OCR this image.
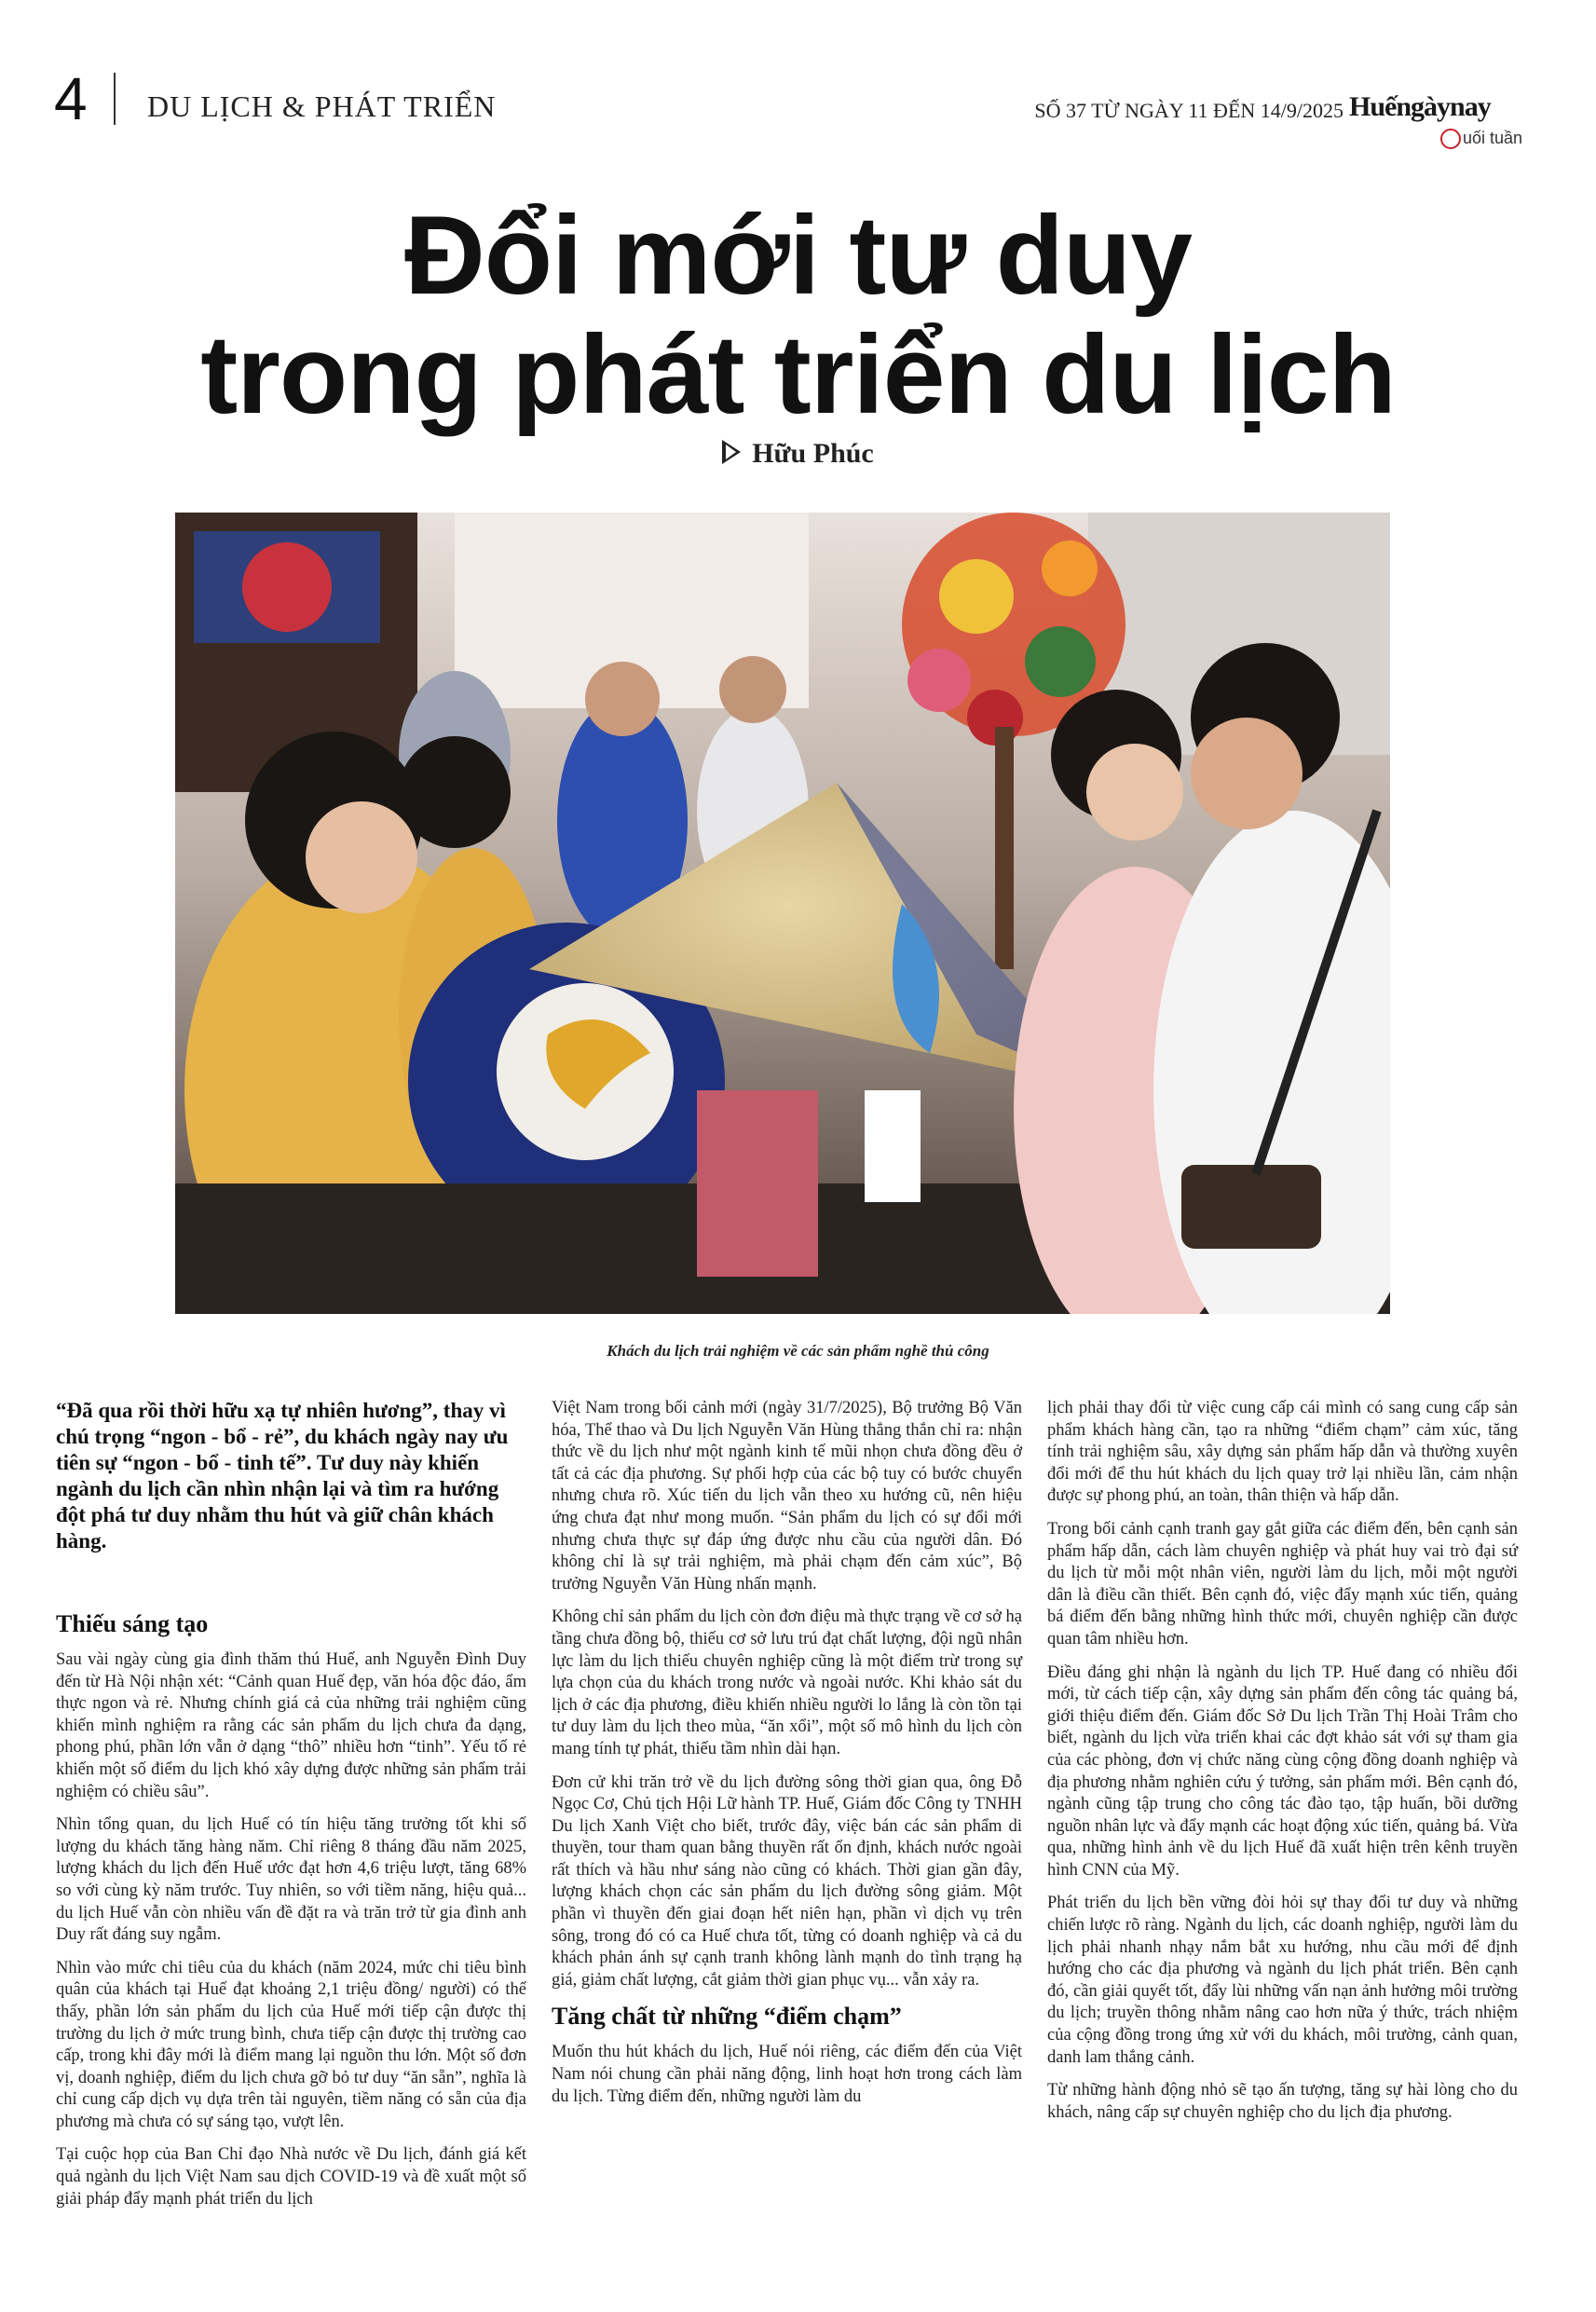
4 DU LỊCH & PHÁT TRIỂN	SỐ 37 TỪ NGÀY 11 ĐẾN 14/9/2025 Huếngàynay
uối tuần
Đổi mới tư duy
trong phát triển du lịch
Hữu Phúc
Khách du lịch trải nghiệm về các sản phẩm nghề thủ công
“Đã qua rồi thời hữu xạ tự nhiên hương”, thay vì chú trọng “ngon - bổ - rẻ”, du khách ngày nay ưu tiên sự “ngon - bổ - tinh tế”. Tư duy này khiến ngành du lịch cần nhìn nhận lại và tìm ra hướng đột phá tư duy nhằm thu hút và giữ chân khách hàng.
Thiếu sáng tạo

Sau vài ngày cùng gia đình thăm thú Huế, anh Nguyễn Đình Duy đến từ Hà Nội nhận xét: “Cảnh quan Huế đẹp, văn hóa độc đáo, ẩm thực ngon và rẻ. Nhưng chính giá cả của những trải nghiệm cũng khiến mình nghiệm ra rằng các sản phẩm du lịch chưa đa dạng, phong phú, phần lớn vẫn ở dạng “thô” nhiều hơn “tinh”. Yếu tố rẻ khiến một số điểm du lịch khó xây dựng được những sản phẩm trải nghiệm có chiều sâu”.

Nhìn tổng quan, du lịch Huế có tín hiệu tăng trưởng tốt khi số lượng du khách tăng hàng năm. Chỉ riêng 8 tháng đầu năm 2025, lượng khách du lịch đến Huế ước đạt hơn 4,6 triệu lượt, tăng 68% so với cùng kỳ năm trước. Tuy nhiên, so với tiềm năng, hiệu quả... du lịch Huế vẫn còn nhiều vấn đề đặt ra và trăn trở từ gia đình anh Duy rất đáng suy ngẫm.

Nhìn vào mức chi tiêu của du khách (năm 2024, mức chi tiêu bình quân của khách tại Huế đạt khoảng 2,1 triệu đồng/ người) có thể thấy, phần lớn sản phẩm du lịch của Huế mới tiếp cận được thị trường du lịch ở mức trung bình, chưa tiếp cận được thị trường cao cấp, trong khi đây mới là điểm mang lại nguồn thu lớn. Một số đơn vị, doanh nghiệp, điểm du lịch chưa gỡ bỏ tư duy “ăn sẵn”, nghĩa là chỉ cung cấp dịch vụ dựa trên tài nguyên, tiềm năng có sẵn của địa phương mà chưa có sự sáng tạo, vượt lên.

Tại cuộc họp của Ban Chỉ đạo Nhà nước về Du lịch, đánh giá kết quả ngành du lịch Việt Nam sau dịch COVID-19 và đề xuất một số giải pháp đẩy mạnh phát triển du lịch

Việt Nam trong bối cảnh mới (ngày 31/7/2025), Bộ trưởng Bộ Văn hóa, Thể thao và Du lịch Nguyễn Văn Hùng thẳng thắn chỉ ra: nhận thức về du lịch như một ngành kinh tế mũi nhọn chưa đồng đều ở tất cả các địa phương. Sự phối hợp của các bộ tuy có bước chuyển nhưng chưa rõ. Xúc tiến du lịch vẫn theo xu hướng cũ, nên hiệu ứng chưa đạt như mong muốn. “Sản phẩm du lịch có sự đổi mới nhưng chưa thực sự đáp ứng được nhu cầu của người dân. Đó không chỉ là sự trải nghiệm, mà phải chạm đến cảm xúc”, Bộ trưởng Nguyễn Văn Hùng nhấn mạnh.

Không chỉ sản phẩm du lịch còn đơn điệu mà thực trạng về cơ sở hạ tầng chưa đồng bộ, thiếu cơ sở lưu trú đạt chất lượng, đội ngũ nhân lực làm du lịch thiếu chuyên nghiệp cũng là một điểm trừ trong sự lựa chọn của du khách trong nước và ngoài nước. Khi khảo sát du lịch ở các địa phương, điều khiến nhiều người lo lắng là còn tồn tại tư duy làm du lịch theo mùa, “ăn xổi”, một số mô hình du lịch còn mang tính tự phát, thiếu tầm nhìn dài hạn.

Đơn cử khi trăn trở về du lịch đường sông thời gian qua, ông Đỗ Ngọc Cơ, Chủ tịch Hội Lữ hành TP. Huế, Giám đốc Công ty TNHH Du lịch Xanh Việt cho biết, trước đây, việc bán các sản phẩm di thuyền, tour tham quan bằng thuyền rất ổn định, khách nước ngoài rất thích và hầu như sáng nào cũng có khách. Thời gian gần đây, lượng khách chọn các sản phẩm du lịch đường sông giảm. Một phần vì thuyền đến giai đoạn hết niên hạn, phần vì dịch vụ trên sông, trong đó có ca Huế chưa tốt, từng có doanh nghiệp và cả du khách phản ánh sự cạnh tranh không lành mạnh do tình trạng hạ giá, giảm chất lượng, cắt giảm thời gian phục vụ... vẫn xảy ra.

Tăng chất từ những “điểm chạm”

Muốn thu hút khách du lịch, Huế nói riêng, các điểm đến của Việt Nam nói chung cần phải năng động, linh hoạt hơn trong cách làm du lịch. Từng điểm đến, những người làm du

lịch phải thay đổi từ việc cung cấp cái mình có sang cung cấp sản phẩm khách hàng cần, tạo ra những “điểm chạm” cảm xúc, tăng tính trải nghiệm sâu, xây dựng sản phẩm hấp dẫn và thường xuyên đổi mới để thu hút khách du lịch quay trở lại nhiều lần, cảm nhận được sự phong phú, an toàn, thân thiện và hấp dẫn.

Trong bối cảnh cạnh tranh gay gắt giữa các điểm đến, bên cạnh sản phẩm hấp dẫn, cách làm chuyên nghiệp và phát huy vai trò đại sứ du lịch từ mỗi một nhân viên, người làm du lịch, mỗi một người dân là điều cần thiết. Bên cạnh đó, việc đẩy mạnh xúc tiến, quảng bá điểm đến bằng những hình thức mới, chuyên nghiệp cần được quan tâm nhiều hơn.

Điều đáng ghi nhận là ngành du lịch TP. Huế đang có nhiều đổi mới, từ cách tiếp cận, xây dựng sản phẩm đến công tác quảng bá, giới thiệu điểm đến. Giám đốc Sở Du lịch Trần Thị Hoài Trâm cho biết, ngành du lịch vừa triển khai các đợt khảo sát với sự tham gia của các phòng, đơn vị chức năng cùng cộng đồng doanh nghiệp và địa phương nhằm nghiên cứu ý tưởng, sản phẩm mới. Bên cạnh đó, ngành cũng tập trung cho công tác đào tạo, tập huấn, bồi dưỡng nguồn nhân lực và đẩy mạnh các hoạt động xúc tiến, quảng bá. Vừa qua, những hình ảnh về du lịch Huế đã xuất hiện trên kênh truyền hình CNN của Mỹ.

Phát triển du lịch bền vững đòi hỏi sự thay đổi tư duy và những chiến lược rõ ràng. Ngành du lịch, các doanh nghiệp, người làm du lịch phải nhanh nhạy nắm bắt xu hướng, nhu cầu mới để định hướng cho các địa phương và ngành du lịch phát triển. Bên cạnh đó, cần giải quyết tốt, đẩy lùi những vấn nạn ảnh hưởng môi trường du lịch; truyền thông nhằm nâng cao hơn nữa ý thức, trách nhiệm của cộng đồng trong ứng xử với du khách, môi trường, cảnh quan, danh lam thắng cảnh.

Từ những hành động nhỏ sẽ tạo ấn tượng, tăng sự hài lòng cho du khách, nâng cấp sự chuyên nghiệp cho du lịch địa phương.
